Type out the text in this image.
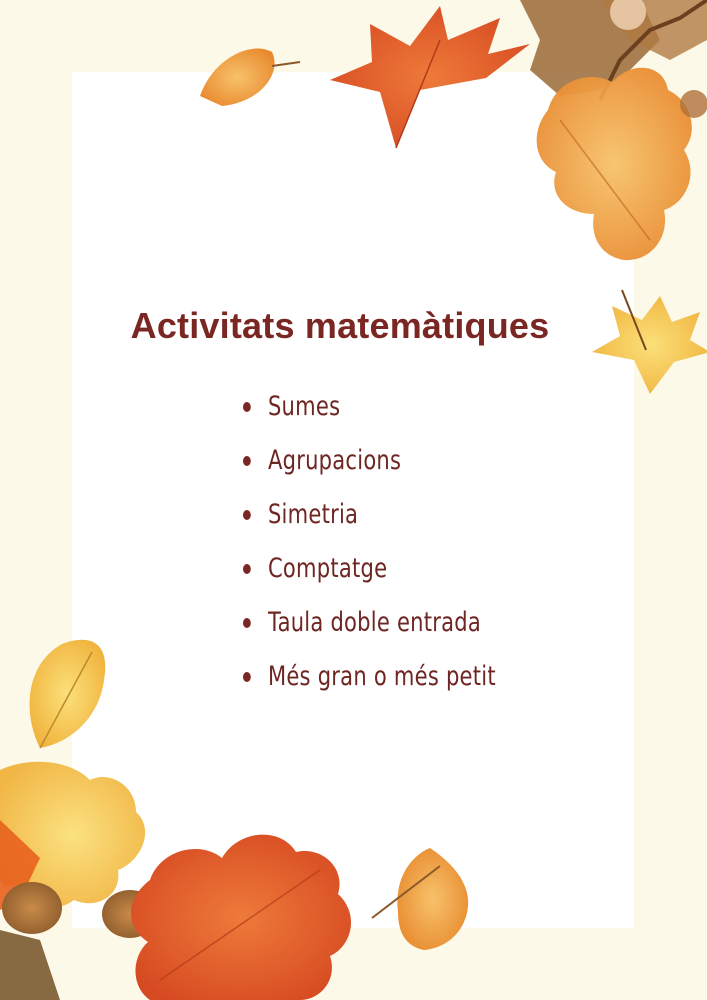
Activitats matemàtiques
Sumes
Agrupacions
Simetria
Comptatge
Taula doble entrada
Més gran o més petit
